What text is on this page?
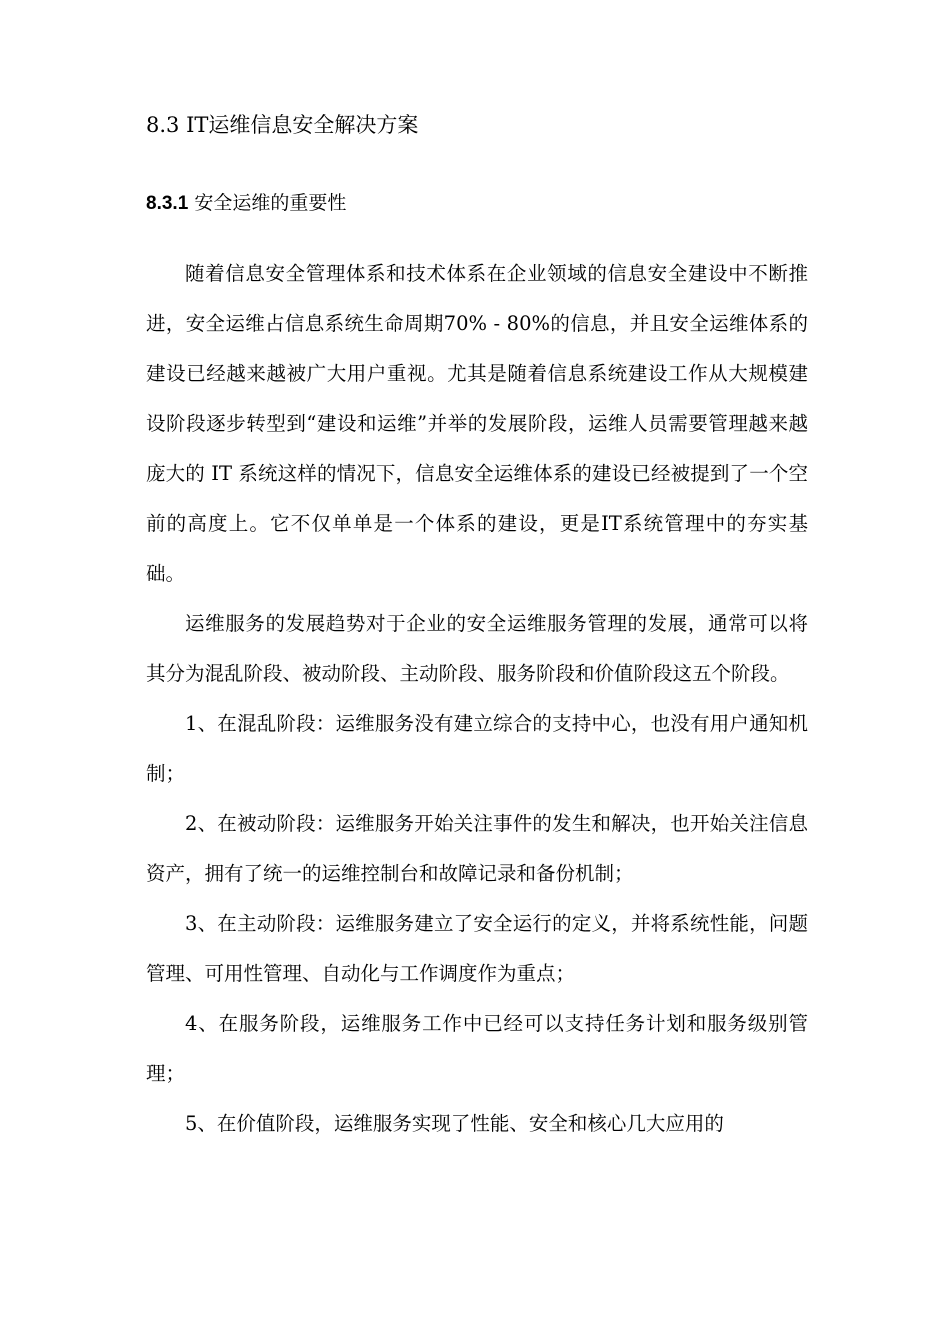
8.3 IT运维信息安全解决方案
8.3.1 安全运维的重要性

随着信息安全管理体系和技术体系在企业领域的信息安全建设中不断推进，安全运维占信息系统生命周期70% - 80%的信息，并且安全运维体系的建设已经越来越被广大用户重视。尤其是随着信息系统建设工作从大规模建设阶段逐步转型到“建设和运维”并举的发展阶段，运维人员需要管理越来越庞大的 IT 系统这样的情况下，信息安全运维体系的建设已经被提到了一个空前的高度上。它不仅单单是一个体系的建设，更是IT系统管理中的夯实基础。

运维服务的发展趋势对于企业的安全运维服务管理的发展，通常可以将其分为混乱阶段、被动阶段、主动阶段、服务阶段和价值阶段这五个阶段。

1、在混乱阶段：运维服务没有建立综合的支持中心，也没有用户通知机制；

2、在被动阶段：运维服务开始关注事件的发生和解决，也开始关注信息资产，拥有了统一的运维控制台和故障记录和备份机制；

3、在主动阶段：运维服务建立了安全运行的定义，并将系统性能，问题管理、可用性管理、自动化与工作调度作为重点；

4、在服务阶段，运维服务工作中已经可以支持任务计划和服务级别管理；

5、在价值阶段，运维服务实现了性能、安全和核心几大应用的
